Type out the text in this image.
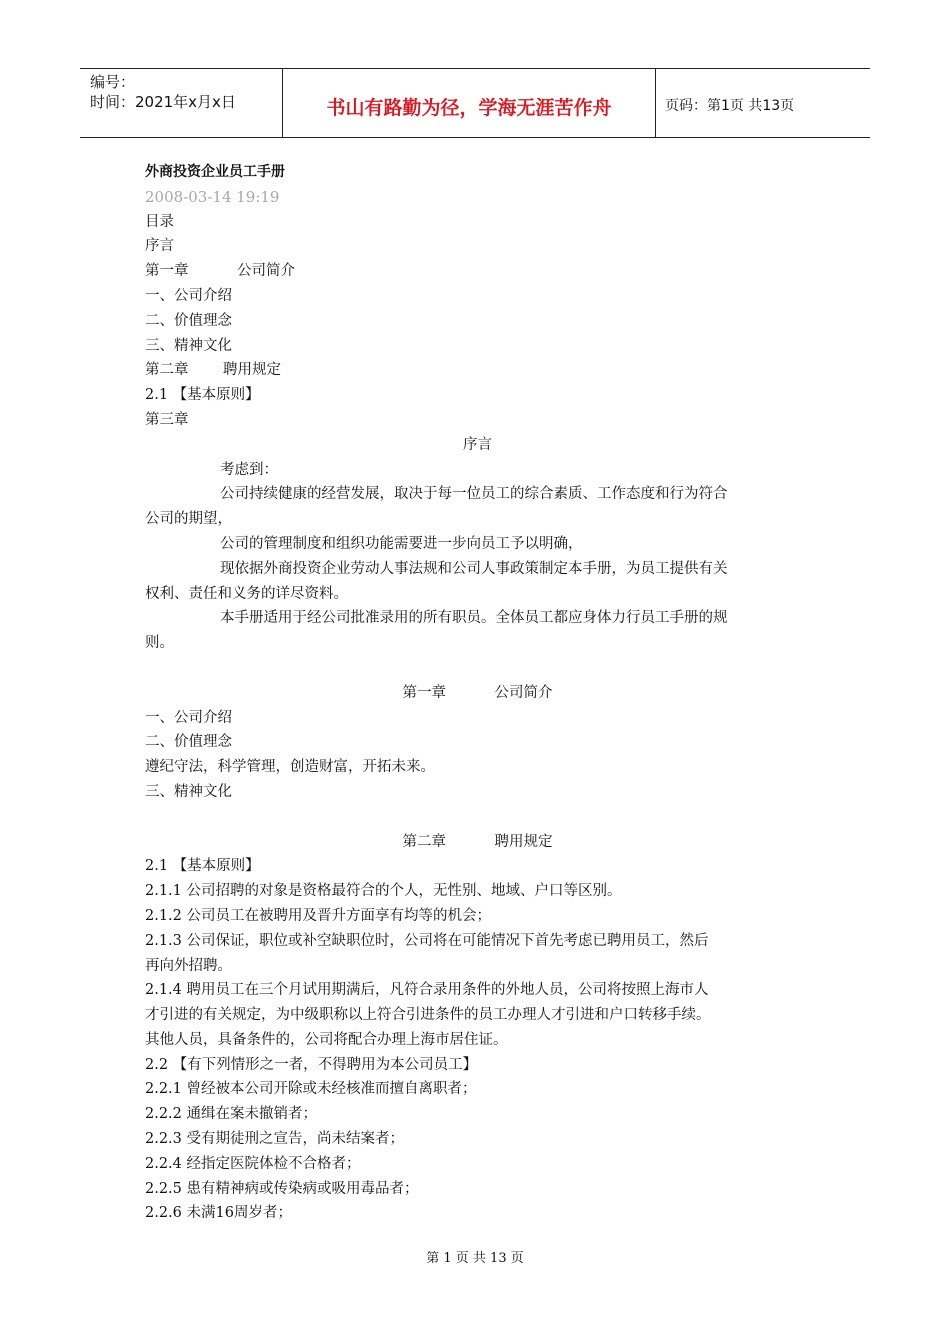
编号：
时间：2021年x月x日	书山有路勤为径，学海无涯苦作舟	页码：第1页 共13页
外商投资企业员工手册
2008-03-14 19:19
目录
序言
第一章	公司简介
一、公司介绍
二、价值理念
三、精神文化
第二章 聘用规定
2.1 【基本原则】
第三章
序言
考虑到：
公司持续健康的经营发展，取决于每一位员工的综合素质、工作态度和行为符合
公司的期望，
公司的管理制度和组织功能需要进一步向员工予以明确，
现依据外商投资企业劳动人事法规和公司人事政策制定本手册，为员工提供有关
权利、责任和义务的详尽资料。
本手册适用于经公司批准录用的所有职员。全体员工都应身体力行员工手册的规
则。
第一章	公司简介
一、公司介绍
二、价值理念
遵纪守法，科学管理，创造财富，开拓未来。
三、精神文化
第二章	聘用规定
2.1 【基本原则】
2.1.1 公司招聘的对象是资格最符合的个人，无性别、地域、户口等区别。
2.1.2 公司员工在被聘用及晋升方面享有均等的机会；
2.1.3 公司保证，职位或补空缺职位时，公司将在可能情况下首先考虑已聘用员工，然后
再向外招聘。
2.1.4 聘用员工在三个月试用期满后，凡符合录用条件的外地人员，公司将按照上海市人
才引进的有关规定，为中级职称以上符合引进条件的员工办理人才引进和户口转移手续。
其他人员，具备条件的，公司将配合办理上海市居住证。
2.2 【有下列情形之一者，不得聘用为本公司员工】
2.2.1 曾经被本公司开除或未经核准而擅自离职者；
2.2.2 通缉在案未撤销者；
2.2.3 受有期徒刑之宣告，尚未结案者；
2.2.4 经指定医院体检不合格者；
2.2.5 患有精神病或传染病或吸用毒品者；
2.2.6 未满16周岁者；
第 1 页 共 13 页
